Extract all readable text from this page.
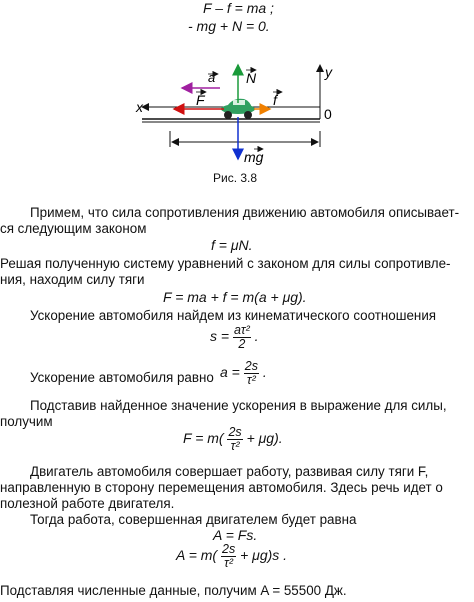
F – f = ma ;
- mg + N = 0.
x
y
0
a N
F	f
mg
Рис. 3.8
Примем, что сила сопротивления движению автомобиля описывает-
ся следующим законом
f = μN.
Решая полученную систему уравнений с законом для силы сопротивле-
ния, находим силу тяги
F = ma + f = m(a + μg).
Ускорение автомобиля найдем из кинематического соотношения
$s = \frac{\text{aτ²}}{2}$ .
Ускорение автомобиля равно $a = \frac{2s}{\text{τ²}}$ .
Подставив найденное значение ускорения в выражение для силы,
получим
$F = m( \frac{2s}{\text{τ²}} + \mu g)$.
Двигатель автомобиля совершает работу, развивая силу тяги F,
направленную в сторону перемещения автомобиля. Здесь речь идет о
полезной работе двигателя.
Тогда работа, совершенная двигателем будет равна
A = Fs.
$A = m( \frac{2s}{\text{τ²}} + \mu g)s$ .
Подставляя численные данные, получим A = 55500 Дж.
